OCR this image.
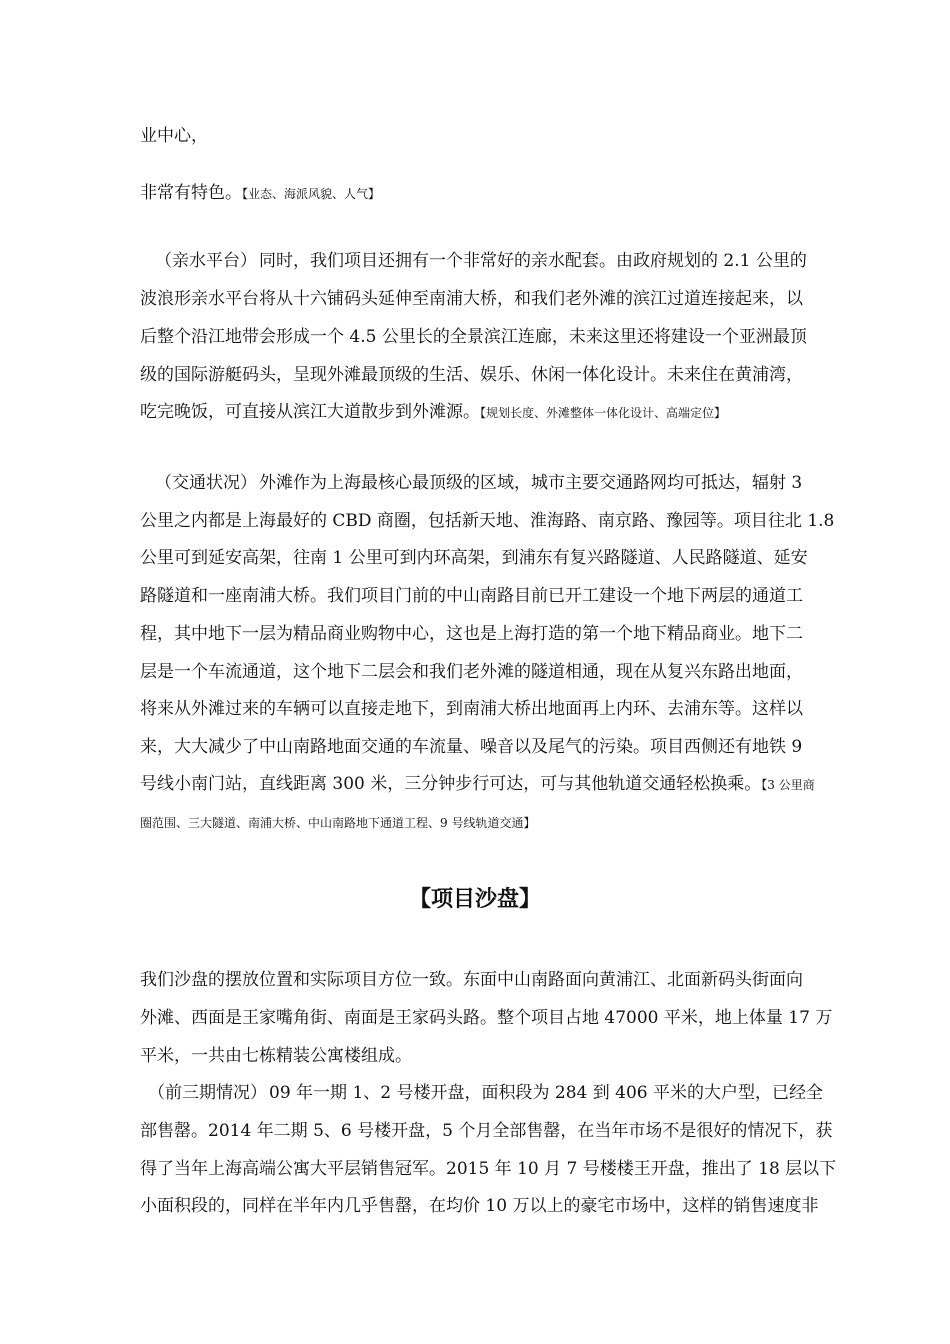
业中心，
非常有特色。【业态、海派风貌、人气】
（亲水平台） 同时，我们项目还拥有一个非常好的亲水配套。由政府规划的 2.1 公里的
波浪形亲水平台将从十六铺码头延伸至南浦大桥，和我们老外滩的滨江过道连接起来，以
后整个沿江地带会形成一个 4.5 公里长的全景滨江连廊，未来这里还将建设一个亚洲最顶
级的国际游艇码头，呈现外滩最顶级的生活、娱乐、休闲一体化设计。未来住在黄浦湾，
吃完晚饭，可直接从滨江大道散步到外滩源。【规划长度、外滩整体一体化设计、高端定位】
（交通状况） 外滩作为上海最核心最顶级的区域，城市主要交通路网均可抵达，辐射 3
公里之内都是上海最好的 CBD 商圈，包括新天地、淮海路、南京路、豫园等。项目往北 1.8
公里可到延安高架，往南 1 公里可到内环高架，到浦东有复兴路隧道、人民路隧道、延安
路隧道和一座南浦大桥。我们项目门前的中山南路目前已开工建设一个地下两层的通道工
程，其中地下一层为精品商业购物中心，这也是上海打造的第一个地下精品商业。地下二
层是一个车流通道，这个地下二层会和我们老外滩的隧道相通，现在从复兴东路出地面，
将来从外滩过来的车辆可以直接走地下，到南浦大桥出地面再上内环、去浦东等。这样以
来，大大减少了中山南路地面交通的车流量、噪音以及尾气的污染。项目西侧还有地铁 9
号线小南门站，直线距离 300 米，三分钟步行可达，可与其他轨道交通轻松换乘。【3 公里商
圈范围、三大隧道、南浦大桥、中山南路地下通道工程、9 号线轨道交通】
【项目沙盘】
我们沙盘的摆放位置和实际项目方位一致。东面中山南路面向黄浦江、北面新码头街面向
外滩、西面是王家嘴角街、南面是王家码头路。整个项目占地 47000 平米，地上体量 17 万
平米，一共由七栋精装公寓楼组成。
（前三期情况） 09 年一期 1、2 号楼开盘，面积段为 284 到 406 平米的大户型，已经全
部售罄。2014 年二期 5、6 号楼开盘，5 个月全部售罄，在当年市场不是很好的情况下，获
得了当年上海高端公寓大平层销售冠军。2015 年 10 月 7 号楼楼王开盘，推出了 18 层以下
小面积段的，同样在半年内几乎售罄，在均价 10 万以上的豪宅市场中，这样的销售速度非
